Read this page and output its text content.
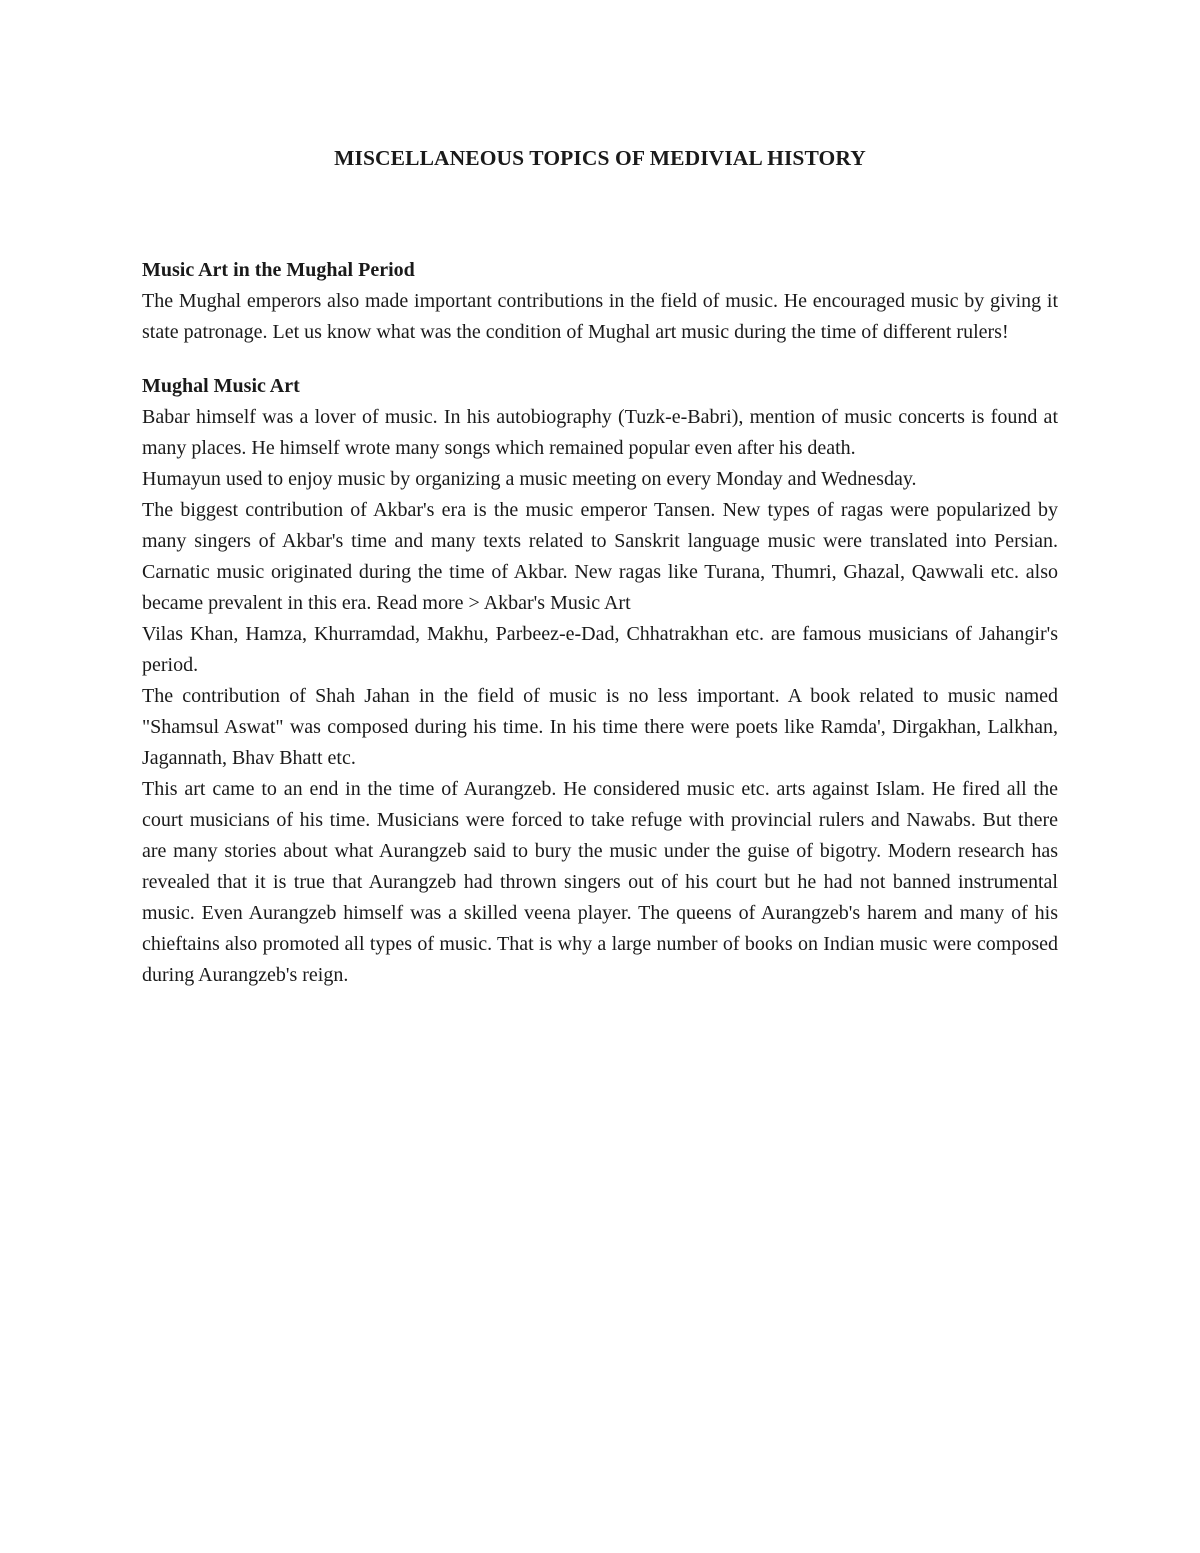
MISCELLANEOUS TOPICS OF MEDIVIAL HISTORY
Music Art in the Mughal Period

The Mughal emperors also made important contributions in the field of music. He encouraged music by giving it state patronage. Let us know what was the condition of Mughal art music during the time of different rulers!

Mughal Music Art

Babar himself was a lover of music. In his autobiography (Tuzk-e-Babri), mention of music concerts is found at many places. He himself wrote many songs which remained popular even after his death.

Humayun used to enjoy music by organizing a music meeting on every Monday and Wednesday.

The biggest contribution of Akbar's era is the music emperor Tansen. New types of ragas were popularized by many singers of Akbar's time and many texts related to Sanskrit language music were translated into Persian. Carnatic music originated during the time of Akbar. New ragas like Turana, Thumri, Ghazal, Qawwali etc. also became prevalent in this era. Read more > Akbar's Music Art

Vilas Khan, Hamza, Khurramdad, Makhu, Parbeez-e-Dad, Chhatrakhan etc. are famous musicians of Jahangir's period.

The contribution of Shah Jahan in the field of music is no less important. A book related to music named "Shamsul Aswat" was composed during his time. In his time there were poets like Ramda', Dirgakhan, Lalkhan, Jagannath, Bhav Bhatt etc.

This art came to an end in the time of Aurangzeb. He considered music etc. arts against Islam. He fired all the court musicians of his time. Musicians were forced to take refuge with provincial rulers and Nawabs. But there are many stories about what Aurangzeb said to bury the music under the guise of bigotry. Modern research has revealed that it is true that Aurangzeb had thrown singers out of his court but he had not banned instrumental music. Even Aurangzeb himself was a skilled veena player. The queens of Aurangzeb's harem and many of his chieftains also promoted all types of music. That is why a large number of books on Indian music were composed during Aurangzeb's reign.
